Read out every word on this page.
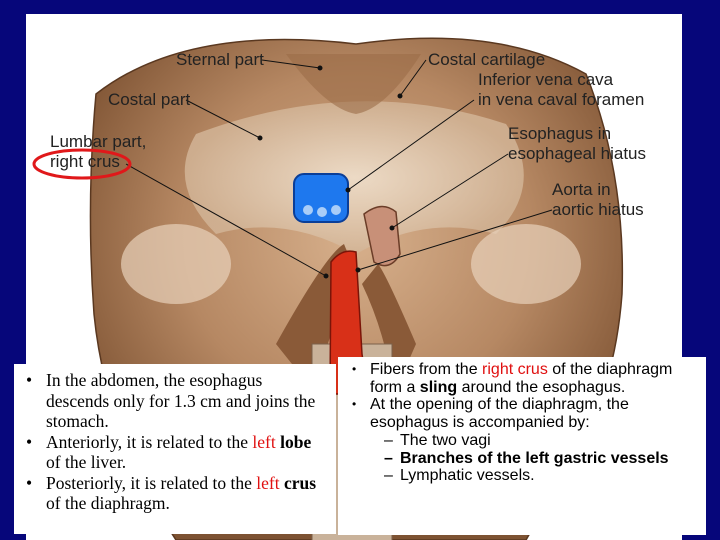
Sternal part
Costal part
Lumbar part,
right crus
Costal cartilage
Inferior vena cava
in vena caval foramen
Esophagus in
esophageal hiatus
Aorta in
aortic hiatus
• In the abdomen, the esophagus descends only for 1.3 cm and joins the stomach.
• Anteriorly, it is related to the left lobe of the liver.
• Posteriorly, it is related to the left crus of the diaphragm.
• Fibers from the right crus of the diaphragm form a sling around the esophagus.
• At the opening of the diaphragm, the esophagus is accompanied by:
– The two vagi
– Branches of the left gastric vessels
– Lymphatic vessels.
